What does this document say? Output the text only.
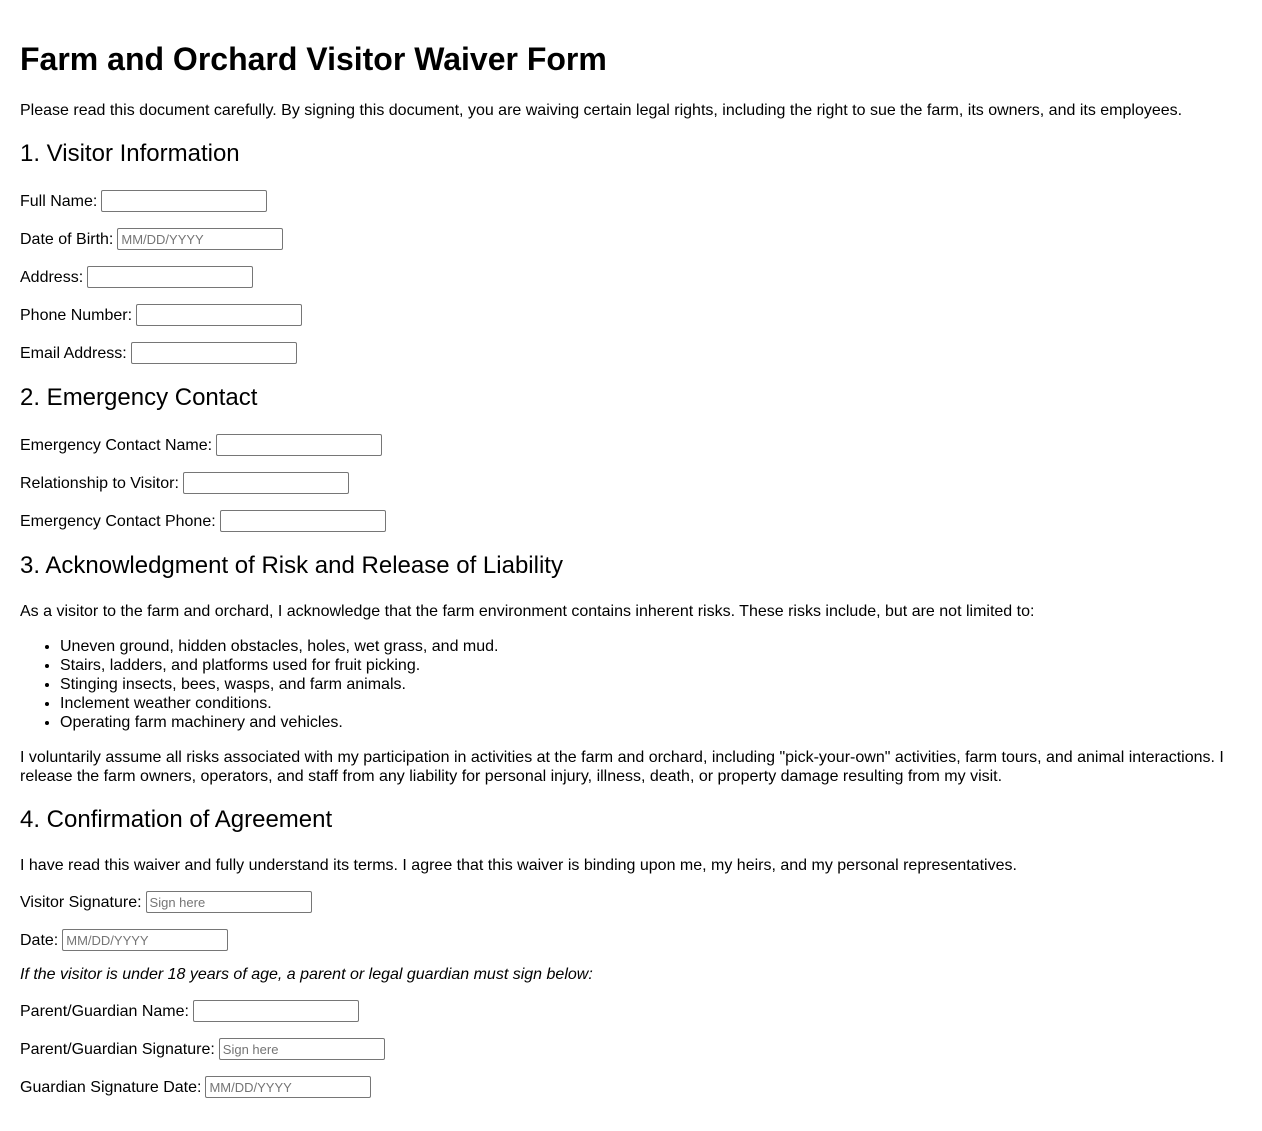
Farm and Orchard Visitor Waiver Form

Please read this document carefully. By signing this document, you are waiving certain legal rights, including the right to sue the farm, its owners, and its employees.

1. Visitor Information
Full Name:
Date of Birth:
MM/DD/YYYY
Address:
Phone Number:
Email Address:
2. Emergency Contact
Emergency Contact Name:
Relationship to Visitor:
Emergency Contact Phone:
3. Acknowledgment of Risk and Release of Liability

As a visitor to the farm and orchard, I acknowledge that the farm environment contains inherent risks. These risks include, but are not limited to:

• Uneven ground, hidden obstacles, holes, wet grass, and mud.
• Stairs, ladders, and platforms used for fruit picking.
• Stinging insects, bees, wasps, and farm animals.
• Inclement weather conditions.
• Operating farm machinery and vehicles.

I voluntarily assume all risks associated with my participation in activities at the farm and orchard, including "pick-your-own" activities, farm tours, and animal interactions. I release the farm owners, operators, and staff from any liability for personal injury, illness, death, or property damage resulting from my visit.

4. Confirmation of Agreement

I have read this waiver and fully understand its terms. I agree that this waiver is binding upon me, my heirs, and my personal representatives.

Visitor Signature:
Sign here
Date:
MM/DD/YYYY

If the visitor is under 18 years of age, a parent or legal guardian must sign below:

Parent/Guardian Name:
Parent/Guardian Signature:
Sign here
Guardian Signature Date:
MM/DD/YYYY
